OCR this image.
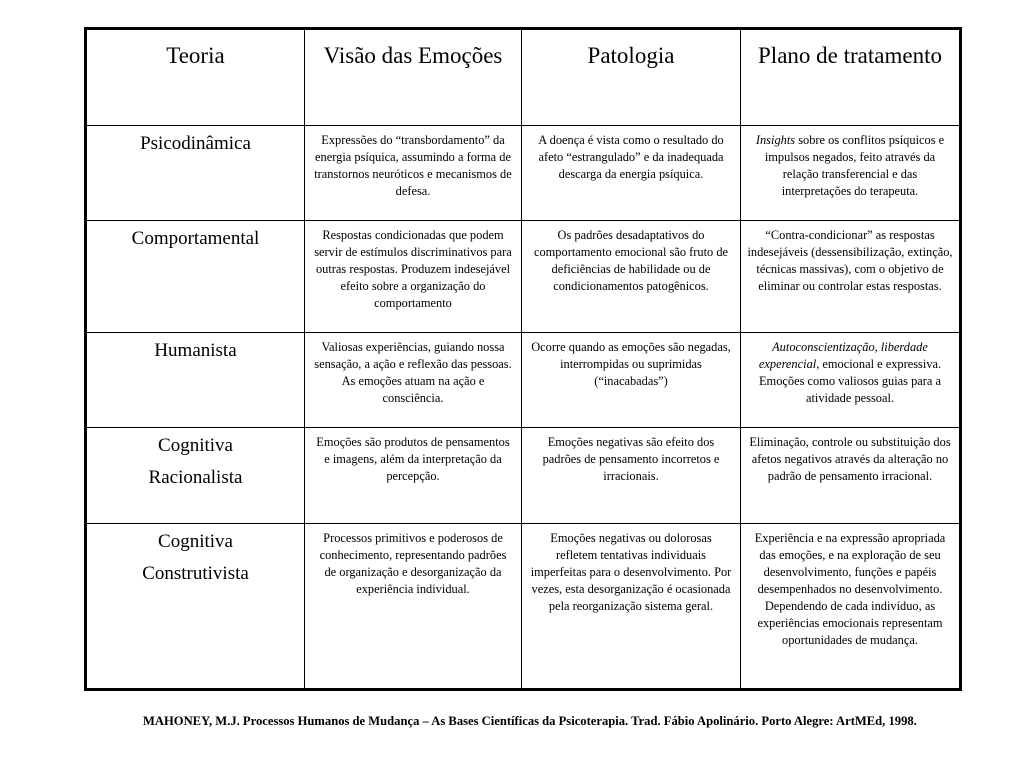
Teoria	Visão das Emoções	Patologia	Plano de tratamento

Psicodinâmica	Expressões do “transbordamento” da energia psíquica, assumindo a forma de transtornos neuróticos e mecanismos de defesa.	A doença é vista como o resultado do afeto “estrangulado” e da inadequada descarga da energia psíquica.	Insights sobre os conflitos psíquicos e impulsos negados, feito através da relação transferencial e das interpretações do terapeuta.

Comportamental	Respostas condicionadas que podem servir de estímulos discriminativos para outras respostas. Produzem indesejável efeito sobre a organização do comportamento	Os padrões desadaptativos do comportamento emocional são fruto de deficiências de habilidade ou de condicionamentos patogênicos.	“Contra-condicionar” as respostas indesejáveis (dessensibilização, extinção, técnicas massivas), com o objetivo de eliminar ou controlar estas respostas.

Humanista	Valiosas experiências, guiando nossa sensação, a ação e reflexão das pessoas. As emoções atuam na ação e consciência.	Ocorre quando as emoções são negadas, interrompidas ou suprimidas (“inacabadas”)	Autoconscientização, liberdade experencial, emocional e expressiva. Emoções como valiosos guias para a atividade pessoal.

Cognitiva
Racionalista	Emoções são produtos de pensamentos e imagens, além da interpretação da percepção.	Emoções negativas são efeito dos padrões de pensamento incorretos e irracionais.	Eliminação, controle ou substituição dos afetos negativos através da alteração no padrão de pensamento irracional.

Cognitiva
Construtivista	Processos primitivos e poderosos de conhecimento, representando padrões de organização e desorganização da experiência individual.	Emoções negativas ou dolorosas refletem tentativas individuais imperfeitas para o desenvolvimento. Por vezes, esta desorganização é ocasionada pela reorganização sistema geral.	Experiência e na expressão apropriada das emoções, e na exploração de seu desenvolvimento, funções e papéis desempenhados no desenvolvimento. Dependendo de cada indivíduo, as experiências emocionais representam oportunidades de mudança.
MAHONEY, M.J. Processos Humanos de Mudança – As Bases Científicas da Psicoterapia. Trad. Fábio Apolinário. Porto Alegre: ArtMEd, 1998.
